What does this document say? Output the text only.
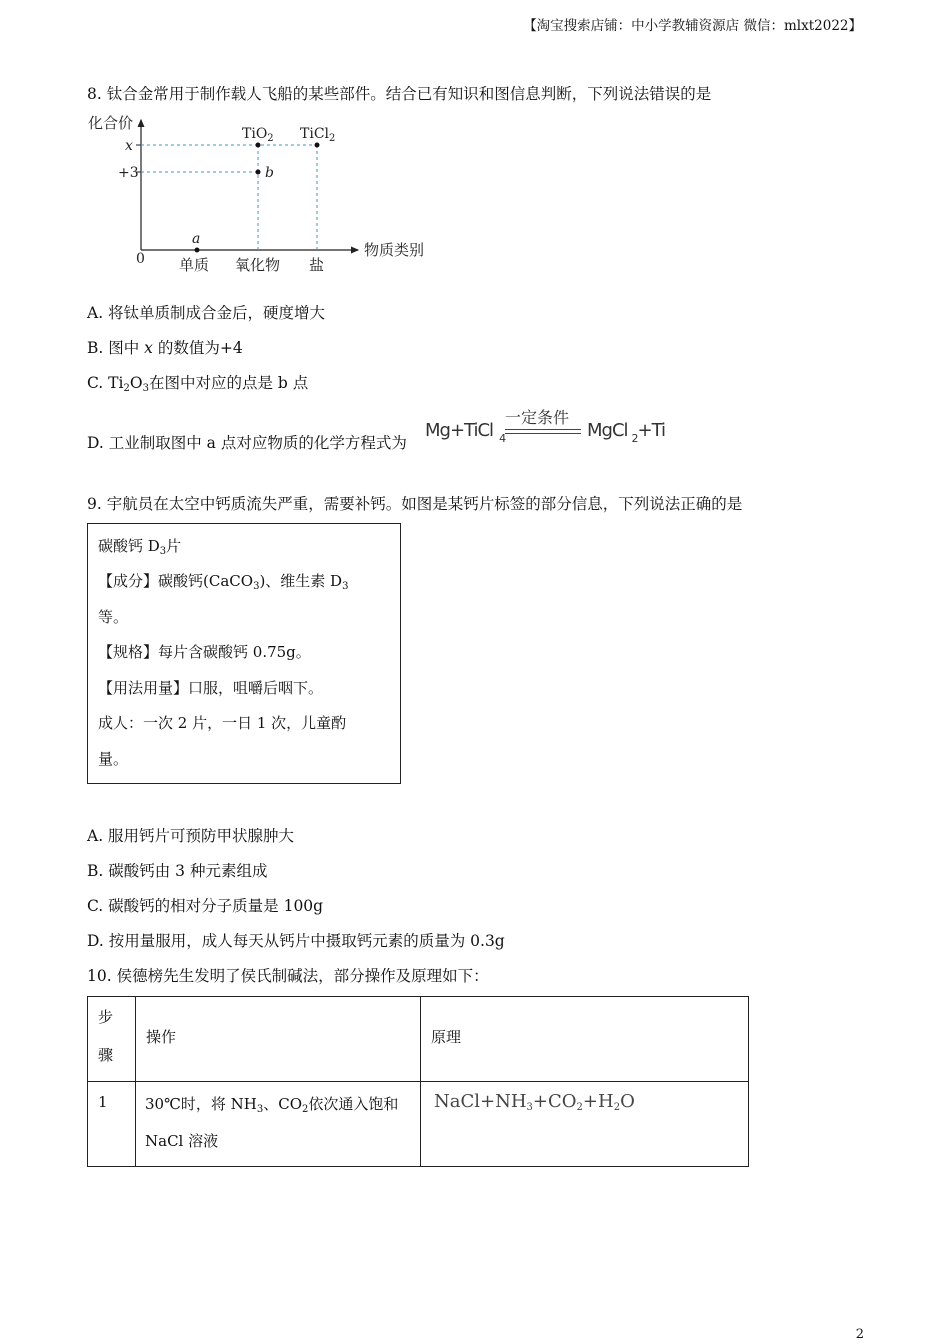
【淘宝搜索店铺：中小学教辅资源店 微信：mlxt2022】
8. 钛合金常用于制作载人飞船的某些部件。结合已有知识和图信息判断，下列说法错误的是
化合价
x
+3
0 单质 氧化物 盐
物质类别
a
b
TiO$_2$ TiCl$_2$
A. 将钛单质制成合金后，硬度增大
B. 图中 x 的数值为+4
C. $Ti_2O_3$在图中对应的点是 b 点
D. 工业制取图中 a 点对应物质的化学方程式为
Mg+TiCl $_4$
一定条件
MgCl $_2$+Ti
9. 宇航员在太空中钙质流失严重，需要补钙。如图是某钙片标签的部分信息，下列说法正确的是
碳酸钙 $D_3$片
【成分】碳酸钙(CaCO$_3$)、维生素 $D_3$
等。
【规格】每片含碳酸钙 0.75g。
【用法用量】口服，咀嚼后咽下。
成人：一次 2 片，一日 1 次，儿童酌
量。
A. 服用钙片可预防甲状腺肿大
B. 碳酸钙由 3 种元素组成
C. 碳酸钙的相对分子质量是 100g
D. 按用量服用，成人每天从钙片中摄取钙元素的质量为 0.3g
10. 侯德榜先生发明了侯氏制碱法，部分操作及原理如下：
步
骤	操作	原理

1	30℃时，将 $NH_3$、$CO_2$依次通入饱和
NaCl 溶液	$NaCl+NH_3+CO_2+H_2O$
2
